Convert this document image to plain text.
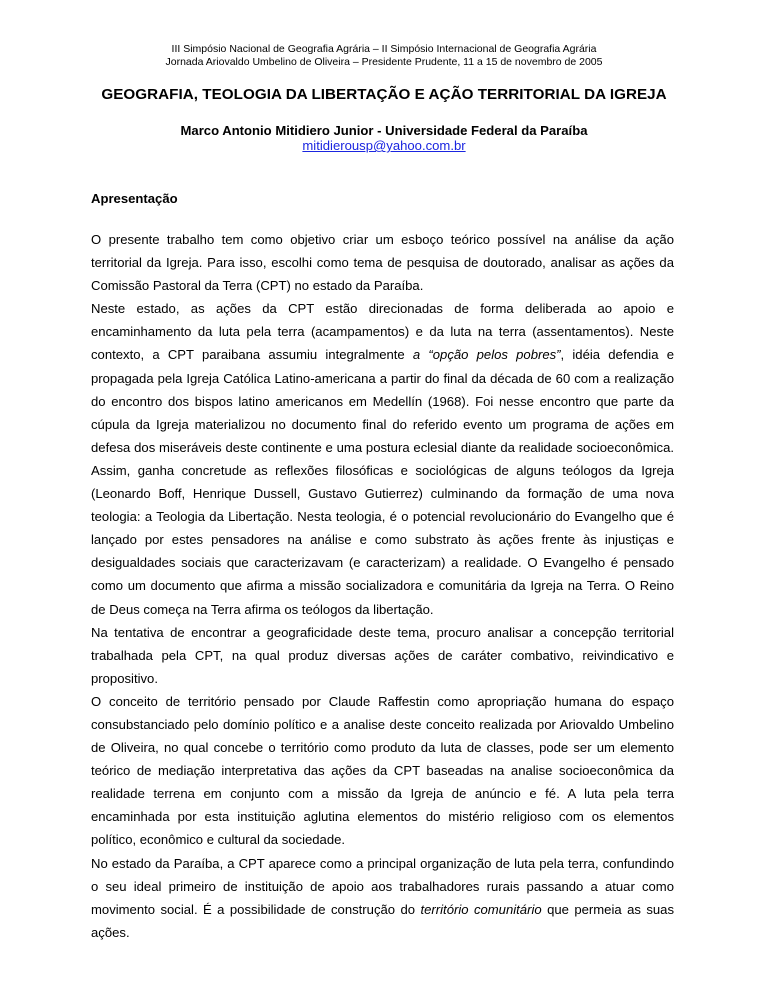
III Simpósio Nacional de Geografia Agrária – II Simpósio Internacional de Geografia Agrária
Jornada Ariovaldo Umbelino de Oliveira – Presidente Prudente, 11 a 15 de novembro de 2005
GEOGRAFIA, TEOLOGIA DA LIBERTAÇÃO E AÇÃO TERRITORIAL DA IGREJA
Marco Antonio Mitidiero Junior - Universidade Federal da Paraíba
mitidierousp@yahoo.com.br
Apresentação

O presente trabalho tem como objetivo criar um esboço teórico possível na análise da ação territorial da Igreja. Para isso, escolhi como tema de pesquisa de doutorado, analisar as ações da Comissão Pastoral da Terra (CPT) no estado da Paraíba.

Neste estado, as ações da CPT estão direcionadas de forma deliberada ao apoio e encaminhamento da luta pela terra (acampamentos) e da luta na terra (assentamentos). Neste contexto, a CPT paraibana assumiu integralmente a “opção pelos pobres”, idéia defendia e propagada pela Igreja Católica Latino-americana a partir do final da década de 60 com a realização do encontro dos bispos latino americanos em Medellín (1968). Foi nesse encontro que parte da cúpula da Igreja materializou no documento final do referido evento um programa de ações em defesa dos miseráveis deste continente e uma postura eclesial diante da realidade socioeconômica. Assim, ganha concretude as reflexões filosóficas e sociológicas de alguns teólogos da Igreja (Leonardo Boff, Henrique Dussell, Gustavo Gutierrez) culminando da formação de uma nova teologia: a Teologia da Libertação. Nesta teologia, é o potencial revolucionário do Evangelho que é lançado por estes pensadores na análise e como substrato às ações frente às injustiças e desigualdades sociais que caracterizavam (e caracterizam) a realidade. O Evangelho é pensado como um documento que afirma a missão socializadora e comunitária da Igreja na Terra. O Reino de Deus começa na Terra afirma os teólogos da libertação.

Na tentativa de encontrar a geograficidade deste tema, procuro analisar a concepção territorial trabalhada pela CPT, na qual produz diversas ações de caráter combativo, reivindicativo e propositivo.

O conceito de território pensado por Claude Raffestin como apropriação humana do espaço consubstanciado pelo domínio político e a analise deste conceito realizada por Ariovaldo Umbelino de Oliveira, no qual concebe o território como produto da luta de classes, pode ser um elemento teórico de mediação interpretativa das ações da CPT baseadas na analise socioeconômica da realidade terrena em conjunto com a missão da Igreja de anúncio e fé. A luta pela terra encaminhada por esta instituição aglutina elementos do mistério religioso com os elementos político, econômico e cultural da sociedade.

No estado da Paraíba, a CPT aparece como a principal organização de luta pela terra, confundindo o seu ideal primeiro de instituição de apoio aos trabalhadores rurais passando a atuar como movimento social. É a possibilidade de construção do território comunitário que permeia as suas ações.
